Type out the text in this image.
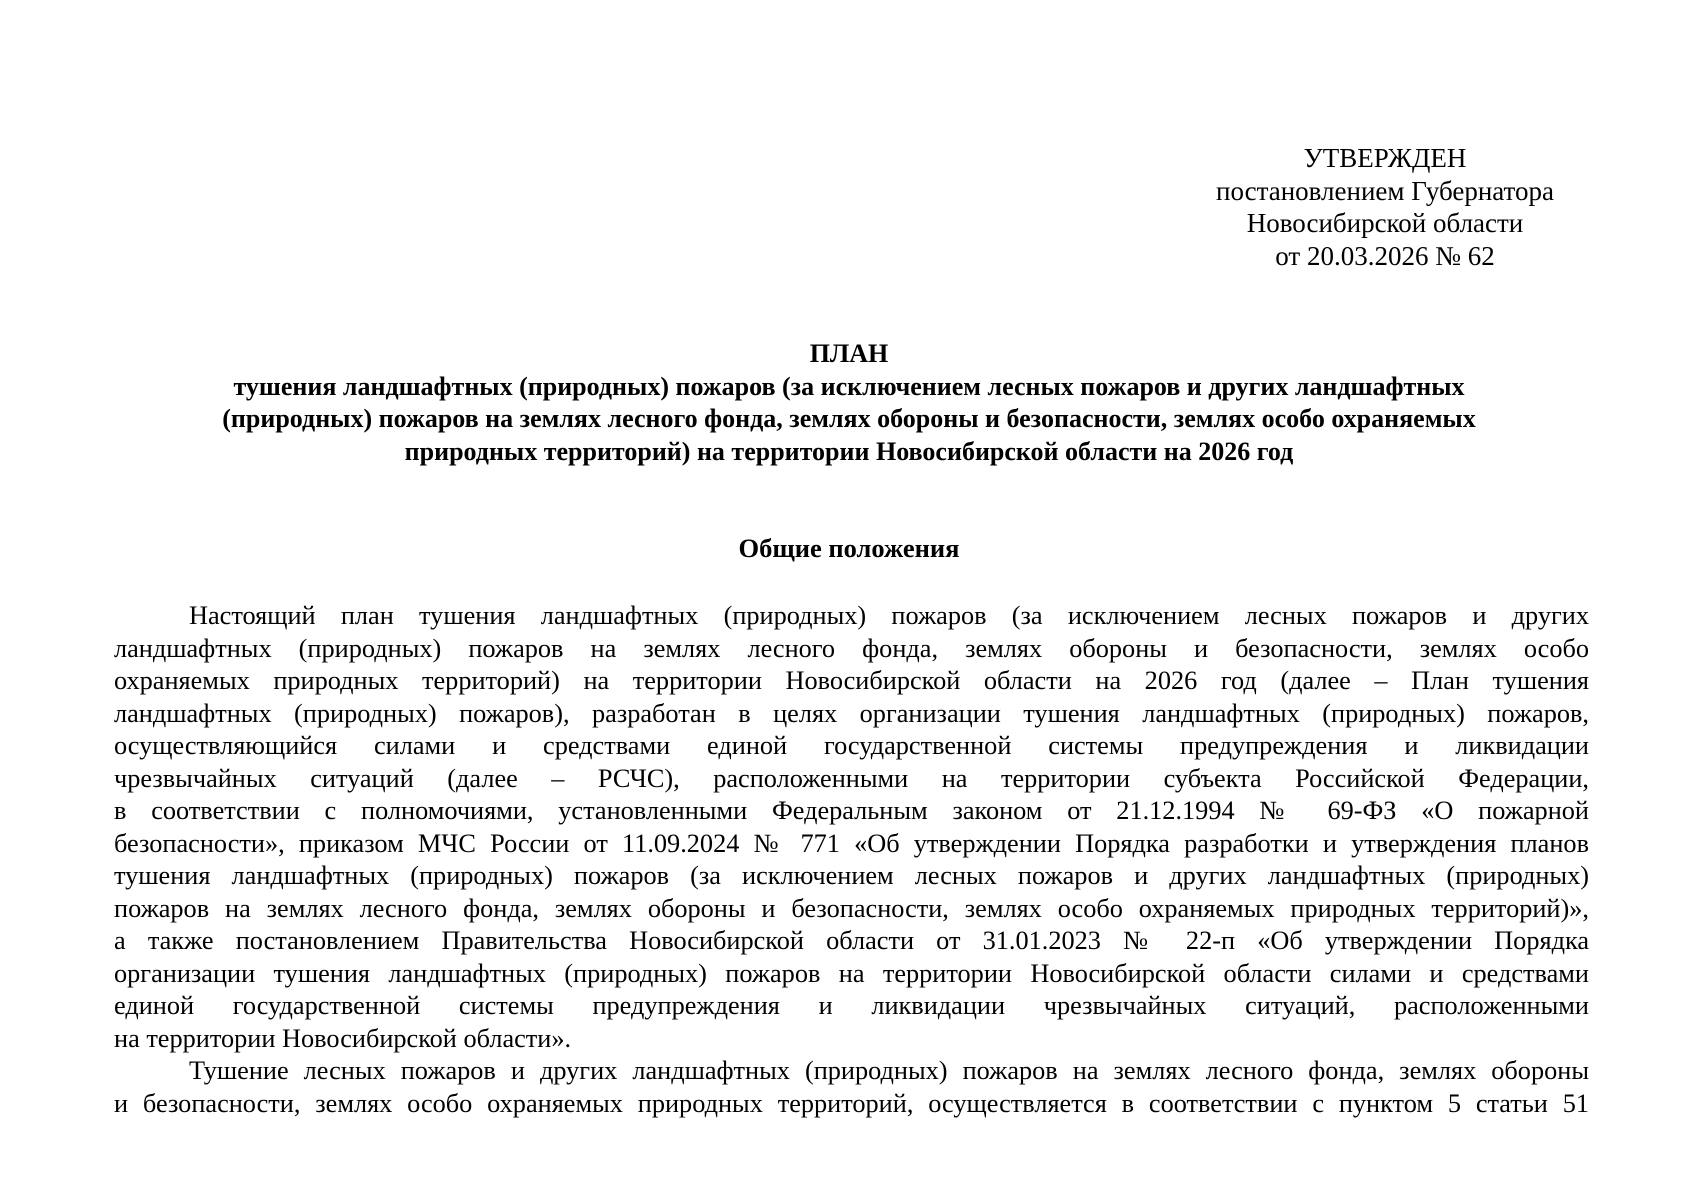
УТВЕРЖДЕН
постановлением Губернатора
Новосибирской области
от 20.03.2026 № 62
ПЛАН
тушения ландшафтных (природных) пожаров (за исключением лесных пожаров и других ландшафтных
(природных) пожаров на землях лесного фонда, землях обороны и безопасности, землях особо охраняемых
природных территорий) на территории Новосибирской области на 2026 год
Общие положения
Настоящий план тушения ландшафтных (природных) пожаров (за исключением лесных пожаров и других
ландшафтных (природных) пожаров на землях лесного фонда, землях обороны и безопасности, землях особо
охраняемых природных территорий) на территории Новосибирской области на 2026 год (далее – План тушения
ландшафтных (природных) пожаров), разработан в целях организации тушения ландшафтных (природных) пожаров,
осуществляющийся силами и средствами единой государственной системы предупреждения и ликвидации
чрезвычайных ситуаций (далее – РСЧС), расположенными на территории субъекта Российской Федерации,
в соответствии с полномочиями, установленными Федеральным законом от 21.12.1994 № 69-ФЗ «О пожарной
безопасности», приказом МЧС России от 11.09.2024 № 771 «Об утверждении Порядка разработки и утверждения планов
тушения ландшафтных (природных) пожаров (за исключением лесных пожаров и других ландшафтных (природных)
пожаров на землях лесного фонда, землях обороны и безопасности, землях особо охраняемых природных территорий)»,
а также постановлением Правительства Новосибирской области от 31.01.2023 № 22-п «Об утверждении Порядка
организации тушения ландшафтных (природных) пожаров на территории Новосибирской области силами и средствами
единой государственной системы предупреждения и ликвидации чрезвычайных ситуаций, расположенными
на территории Новосибирской области».
Тушение лесных пожаров и других ландшафтных (природных) пожаров на землях лесного фонда, землях обороны
и безопасности, землях особо охраняемых природных территорий, осуществляется в соответствии с пунктом 5 статьи 51
